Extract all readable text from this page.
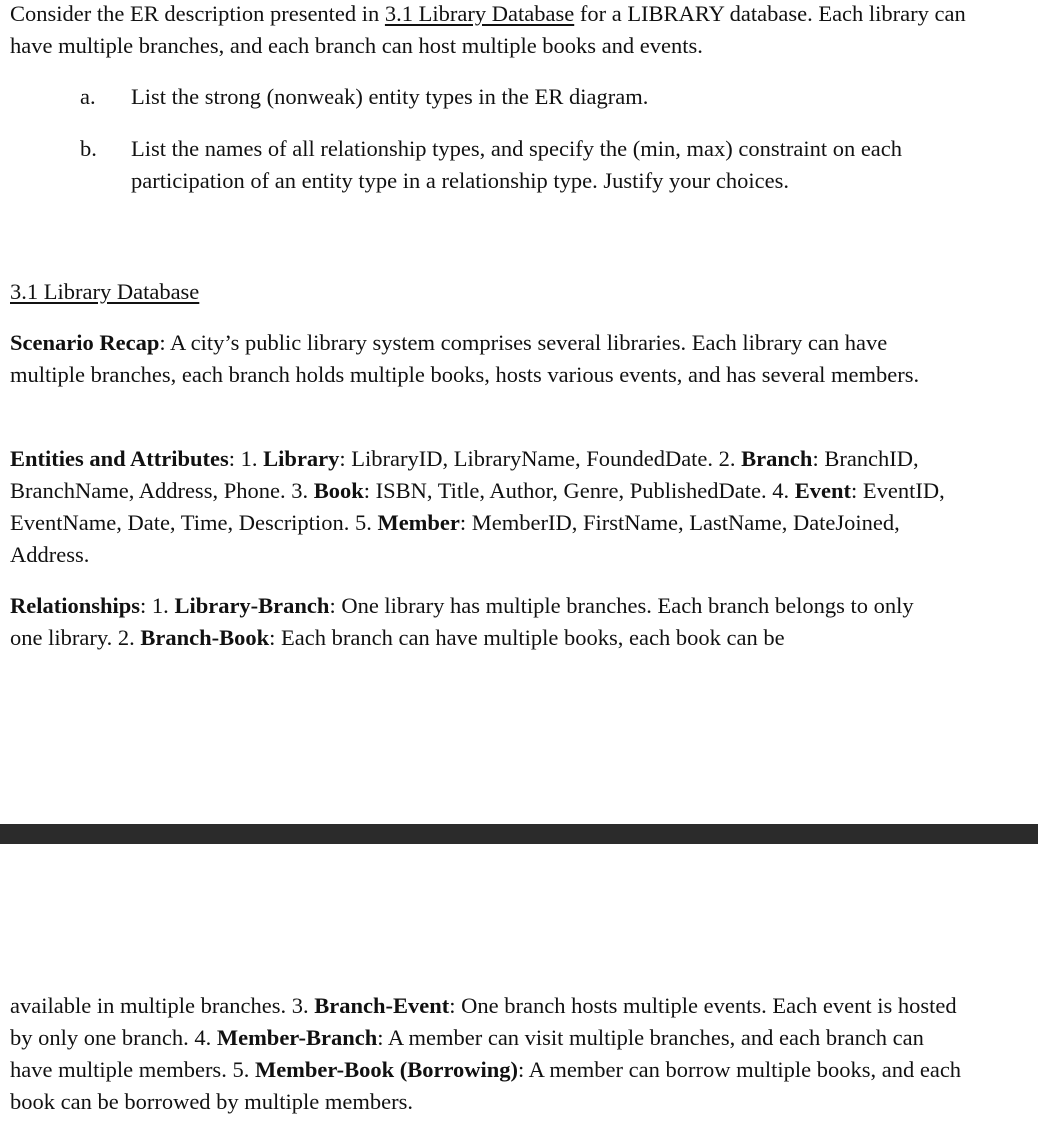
Consider the ER description presented in 3.1 Library Database for a LIBRARY database. Each library can have multiple branches, and each branch can host multiple books and events.
a.	List the strong (nonweak) entity types in the ER diagram.
b.	List the names of all relationship types, and specify the (min, max) constraint on each participation of an entity type in a relationship type. Justify your choices.
3.1 Library Database
Scenario Recap: A city’s public library system comprises several libraries. Each library can have multiple branches, each branch holds multiple books, hosts various events, and has several members.
Entities and Attributes: 1. Library: LibraryID, LibraryName, FoundedDate. 2. Branch: BranchID, BranchName, Address, Phone. 3. Book: ISBN, Title, Author, Genre, PublishedDate. 4. Event: EventID, EventName, Date, Time, Description. 5. Member: MemberID, FirstName, LastName, DateJoined, Address.
Relationships: 1. Library-Branch: One library has multiple branches. Each branch belongs to only one library. 2. Branch-Book: Each branch can have multiple books, each book can be
available in multiple branches. 3. Branch-Event: One branch hosts multiple events. Each event is hosted by only one branch. 4. Member-Branch: A member can visit multiple branches, and each branch can have multiple members. 5. Member-Book (Borrowing): A member can borrow multiple books, and each book can be borrowed by multiple members.
